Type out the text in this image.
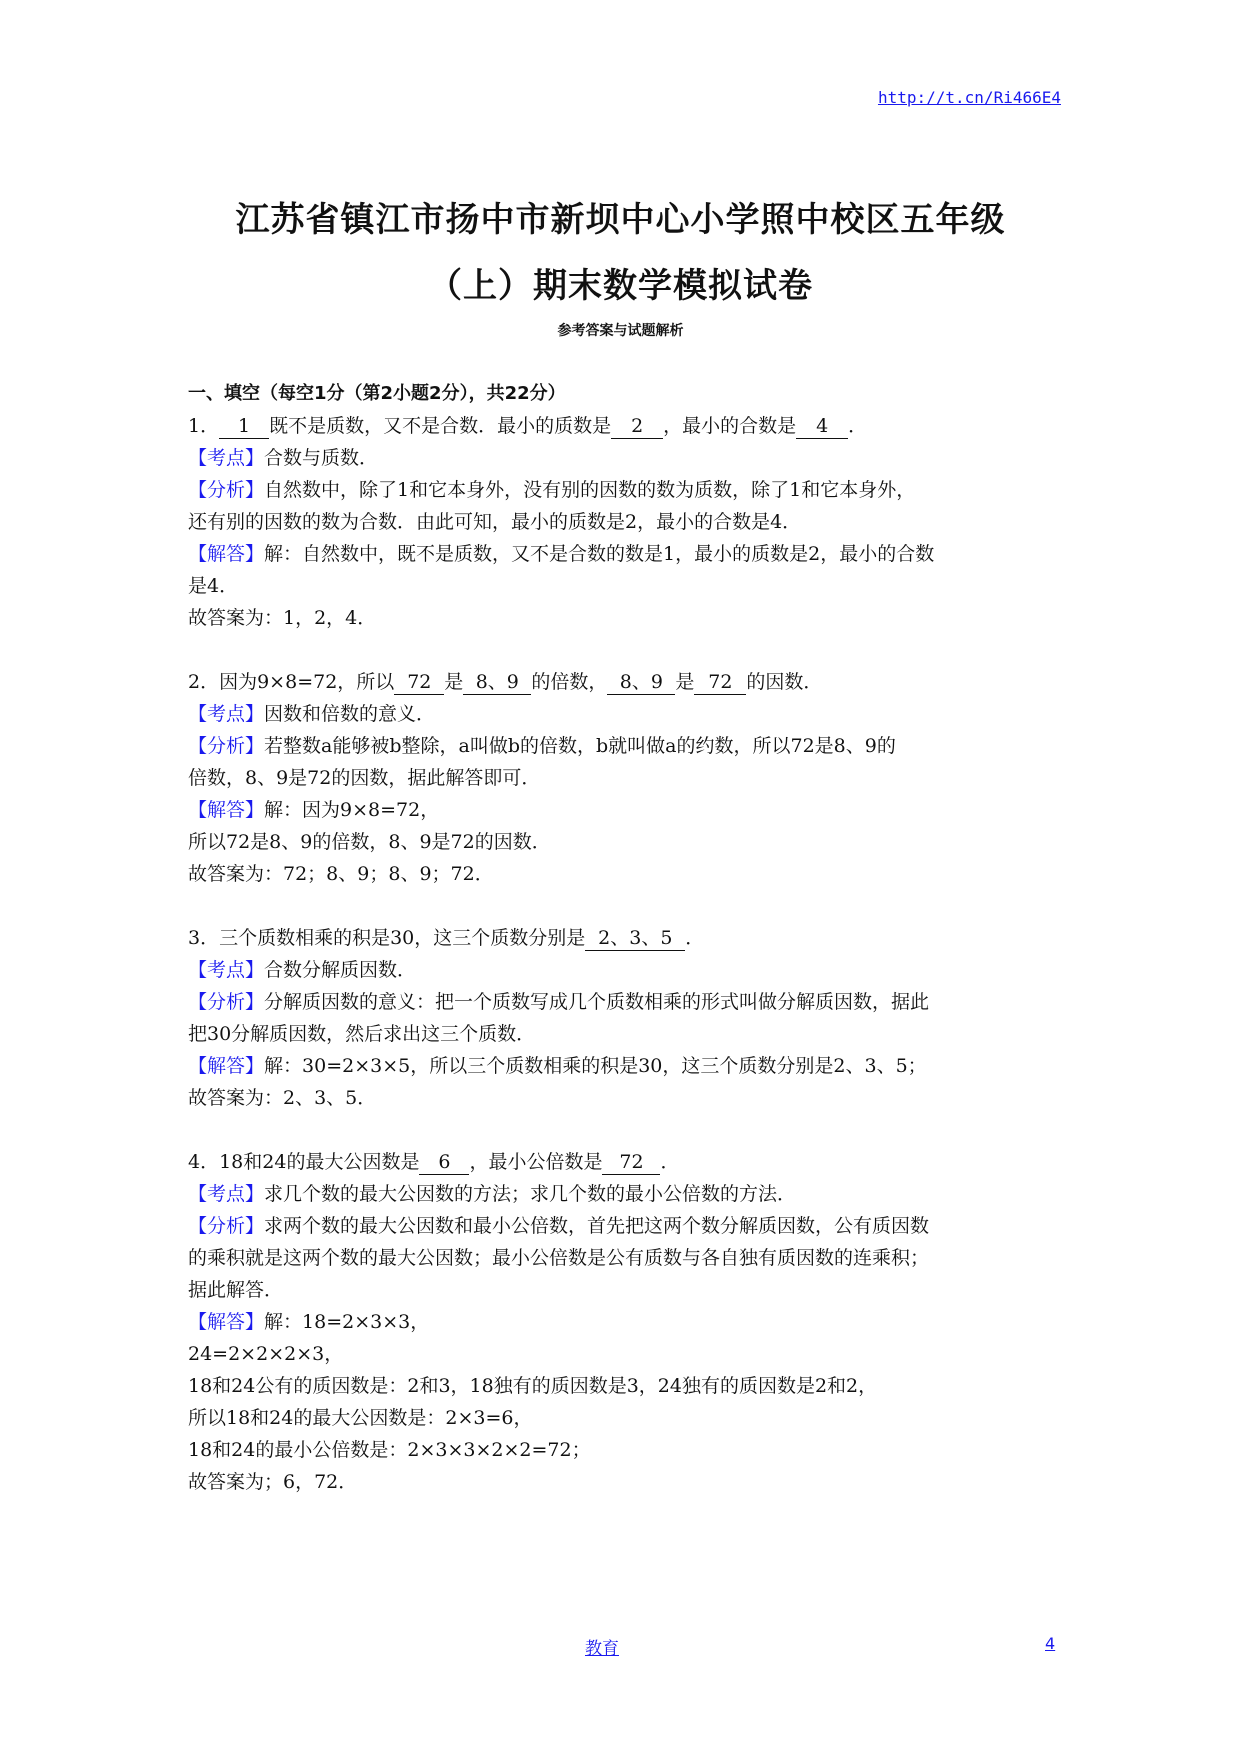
http://t.cn/Ri466E4
江苏省镇江市扬中市新坝中心小学照中校区五年级
（上）期末数学模拟试卷
参考答案与试题解析
一、填空（每空1分（第2小题2分），共22分）
1． 1 既不是质数，又不是合数．最小的质数是 2 ，最小的合数是 4 ．
【考点】合数与质数．
【分析】自然数中，除了1和它本身外，没有别的因数的数为质数，除了1和它本身外，
还有别的因数的数为合数．由此可知，最小的质数是2，最小的合数是4．
【解答】解：自然数中，既不是质数，又不是合数的数是1，最小的质数是2，最小的合数
是4．
故答案为：1，2，4．
2．因为9×8=72，所以 72 是 8、9 的倍数， 8、9 是 72 的因数．
【考点】因数和倍数的意义．
【分析】若整数a能够被b整除，a叫做b的倍数，b就叫做a的约数，所以72是8、9的
倍数，8、9是72的因数，据此解答即可．
【解答】解：因为9×8=72，
所以72是8、9的倍数，8、9是72的因数．
故答案为：72；8、9；8、9；72．
3．三个质数相乘的积是30，这三个质数分别是 2、3、5 ．
【考点】合数分解质因数．
【分析】分解质因数的意义：把一个质数写成几个质数相乘的形式叫做分解质因数，据此
把30分解质因数，然后求出这三个质数．
【解答】解：30=2×3×5，所以三个质数相乘的积是30，这三个质数分别是2、3、5；
故答案为：2、3、5．
4．18和24的最大公因数是 6 ，最小公倍数是 72 ．
【考点】求几个数的最大公因数的方法；求几个数的最小公倍数的方法．
【分析】求两个数的最大公因数和最小公倍数，首先把这两个数分解质因数，公有质因数
的乘积就是这两个数的最大公因数；最小公倍数是公有质数与各自独有质因数的连乘积；
据此解答．
【解答】解：18=2×3×3，
24=2×2×2×3，
18和24公有的质因数是：2和3，18独有的质因数是3，24独有的质因数是2和2，
所以18和24的最大公因数是：2×3=6，
18和24的最小公倍数是：2×3×3×2×2=72；
故答案为；6，72．
教育	4
